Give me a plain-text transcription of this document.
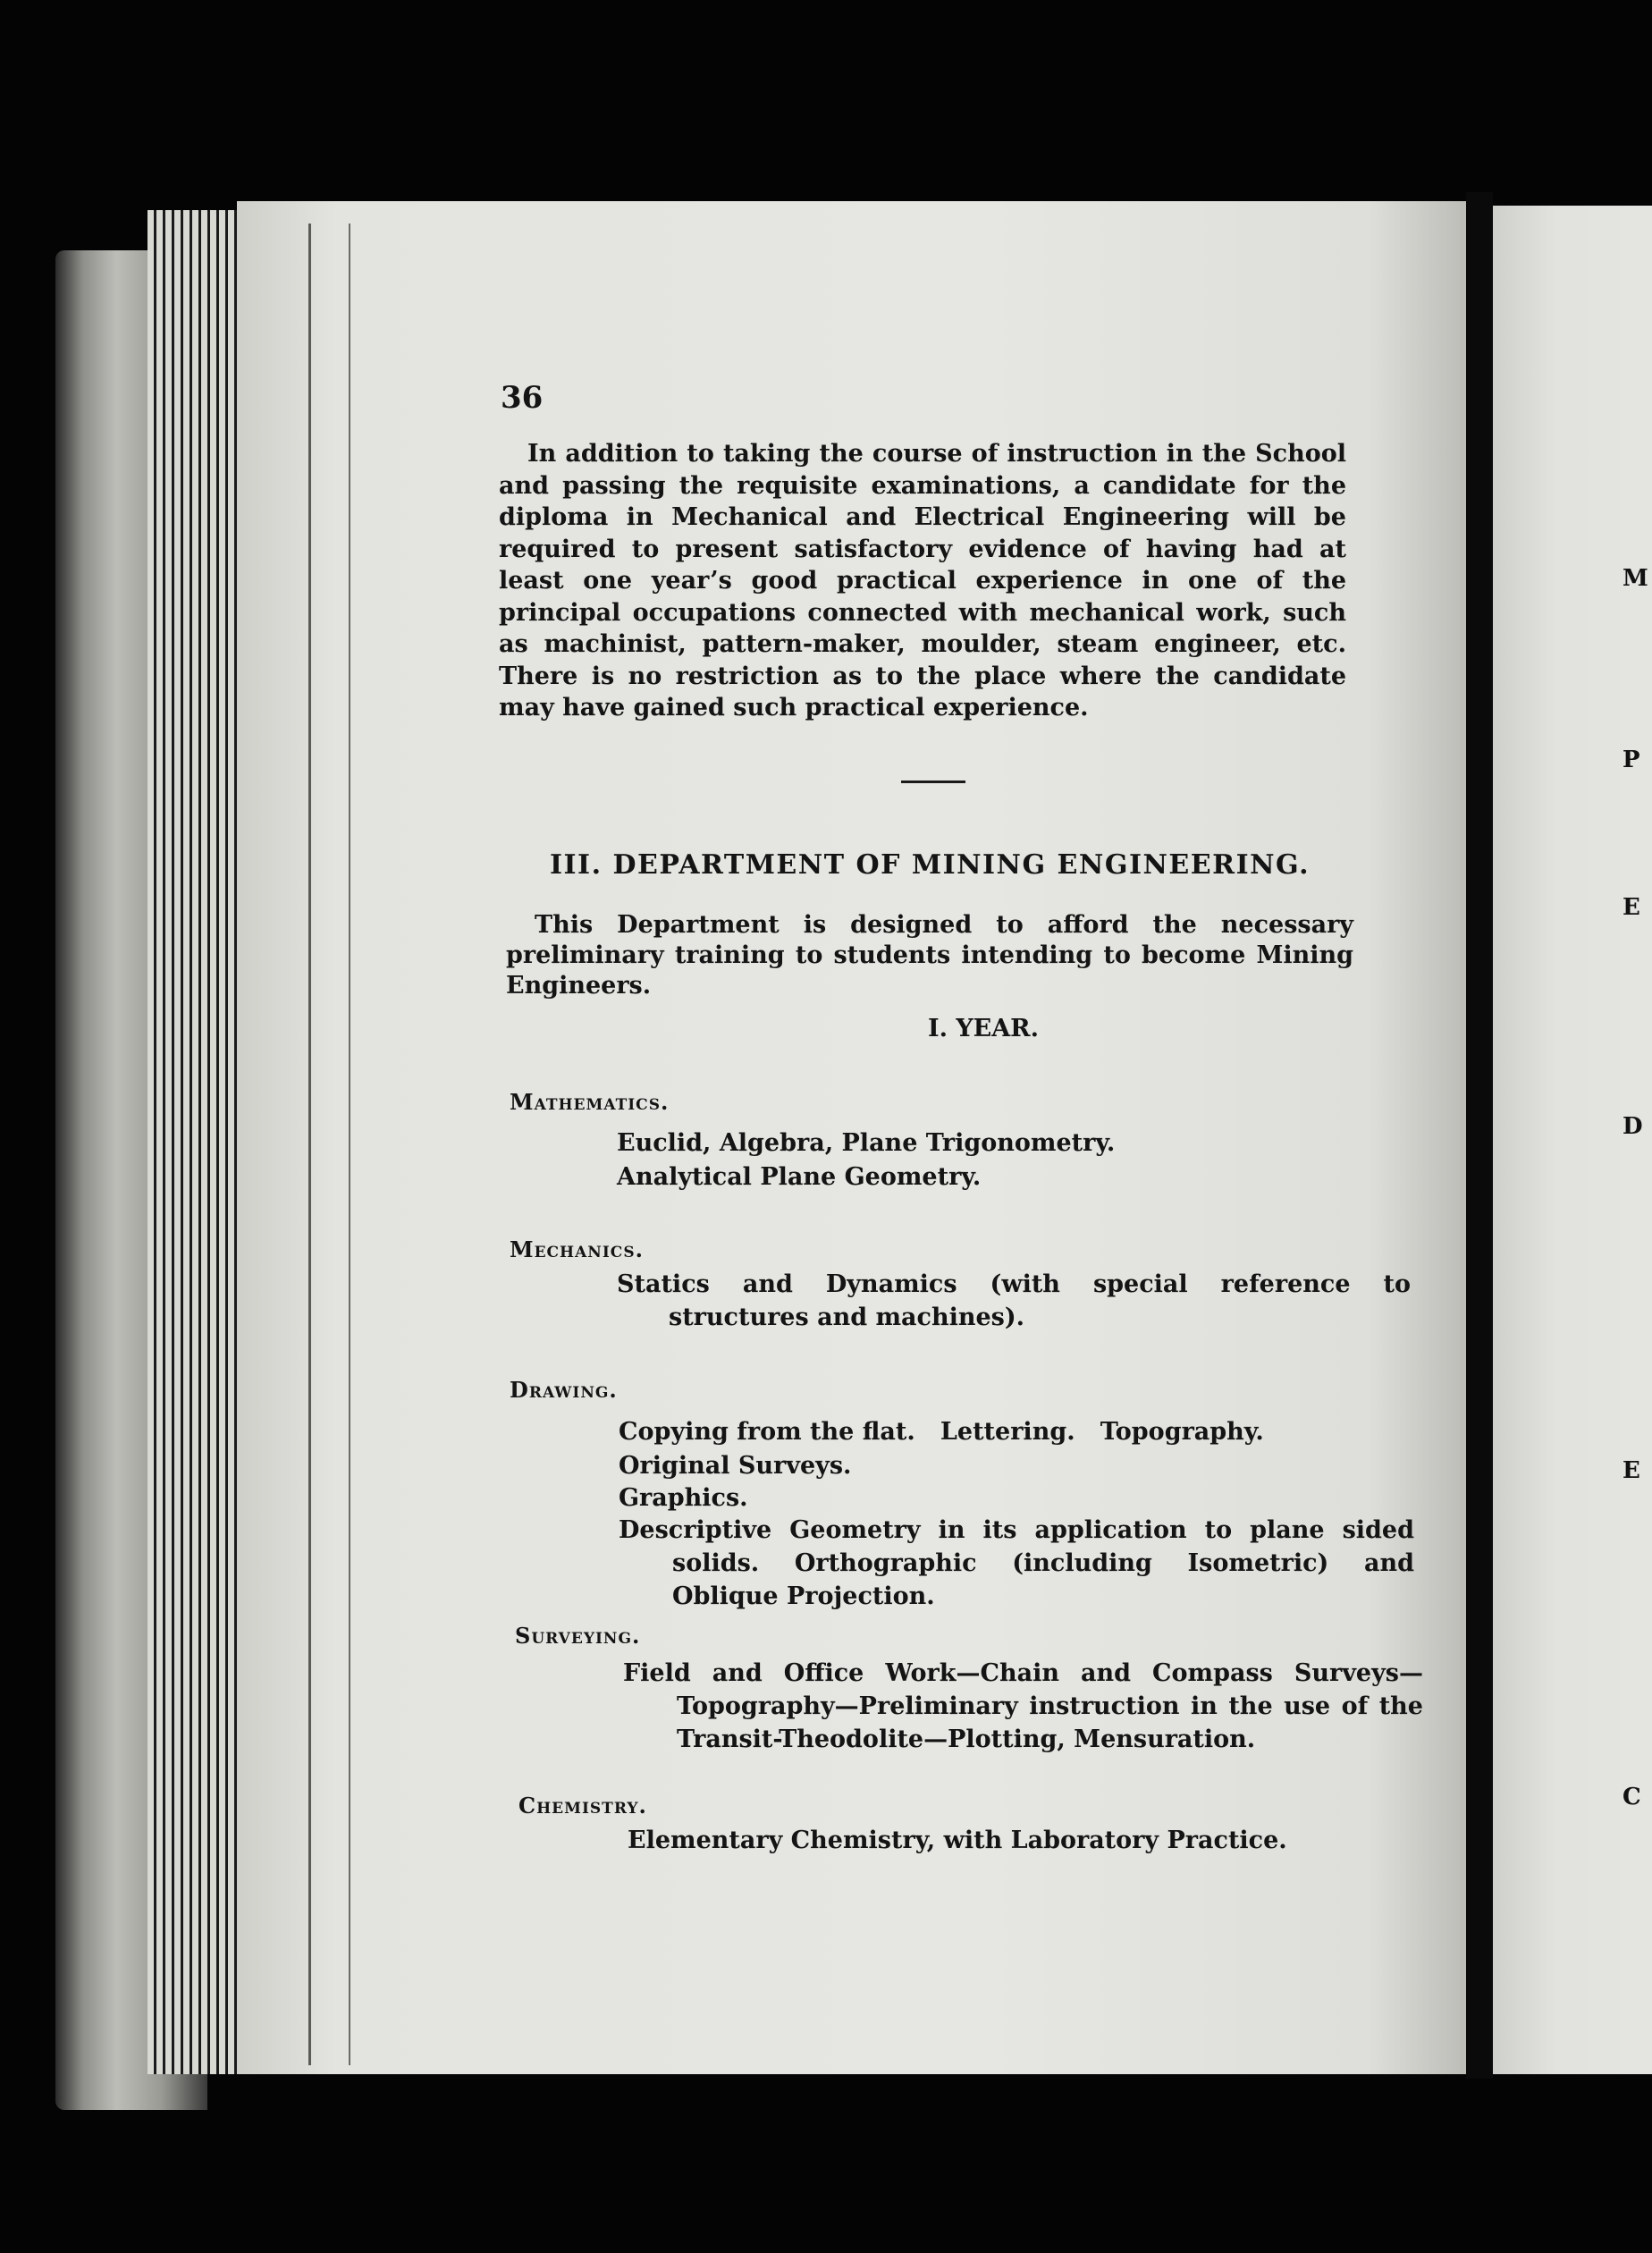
M
P
E
D
E
C
36

In addition to taking the course of instruction in the School and passing the requisite examinations, a candidate for the diploma in Mechanical and Electrical Engineering will be required to present satisfactory evidence of having had at least one year’s good practical experience in one of the principal occupations connected with mechanical work, such as machinist, pattern-maker, moulder, steam engineer, etc. There is no restriction as to the place where the candidate may have gained such practical experience.

III. DEPARTMENT OF MINING ENGINEERING.

This Department is designed to afford the necessary preliminary training to students intending to become Mining Engineers.

I. YEAR.
Mathematics.
Euclid, Algebra, Plane Trigonometry.
Analytical Plane Geometry.
Mechanics.
Statics and Dynamics (with special reference to structures and machines).
Drawing.
Copying from the flat.   Lettering.   Topography.
Original Surveys.
Graphics.
Descriptive Geometry in its application to plane sided solids. Orthographic (including Isometric) and Oblique Projection.
Surveying.
Field and Office Work—Chain and Compass Surveys—Topography—Preliminary instruction in the use of the Transit-Theodolite—Plotting, Mensuration.
Chemistry.
Elementary Chemistry, with Laboratory Practice.
